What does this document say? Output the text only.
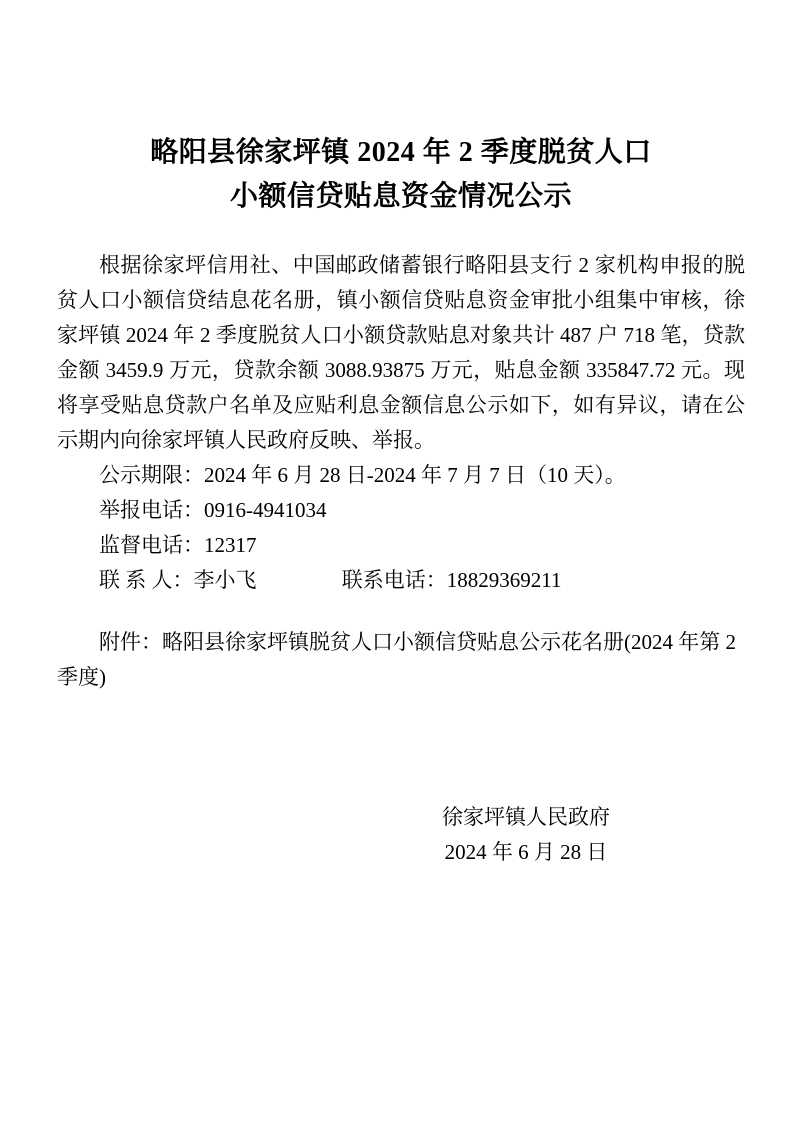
略阳县徐家坪镇 2024 年 2 季度脱贫人口
小额信贷贴息资金情况公示

根据徐家坪信用社、中国邮政储蓄银行略阳县支行 2 家机构申报的脱贫人口小额信贷结息花名册，镇小额信贷贴息资金审批小组集中审核，徐家坪镇 2024 年 2 季度脱贫人口小额贷款贴息对象共计 487 户 718 笔，贷款金额 3459.9 万元，贷款余额 3088.93875 万元，贴息金额 335847.72 元。现将享受贴息贷款户名单及应贴利息金额信息公示如下，如有异议，请在公示期内向徐家坪镇人民政府反映、举报。

公示期限：2024 年 6 月 28 日-2024 年 7 月 7 日（10 天）。
举报电话：0916-4941034
监督电话：12317
联 系 人：李小飞	联系电话：18829369211

附件：略阳县徐家坪镇脱贫人口小额信贷贴息公示花名册(2024 年第 2 季度)

徐家坪镇人民政府
2024 年 6 月 28 日
